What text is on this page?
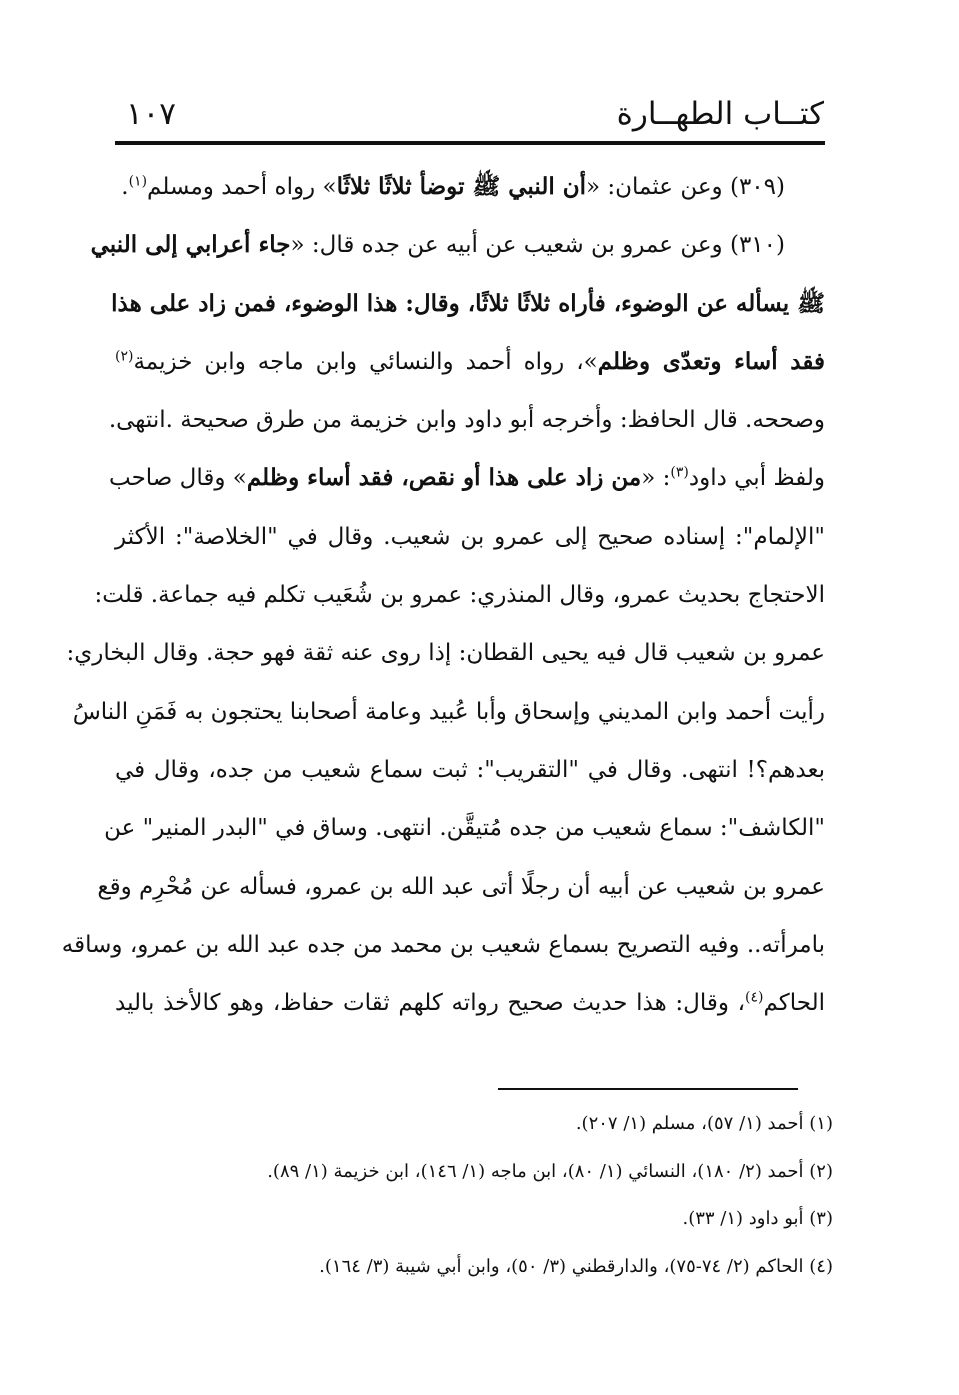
كتــاب الطهــارة
١٠٧
(٣٠٩) وعن عثمان: «أن النبي ﷺ توضأ ثلاثًا ثلاثًا» رواه أحمد ومسلم$^{(١)}$.
(٣١٠) وعن عمرو بن شعيب عن أبيه عن جده قال: «جاء أعرابي إلى النبي
ﷺ يسأله عن الوضوء، فأراه ثلاثًا ثلاثًا، وقال: هذا الوضوء، فمن زاد على هذا
فقد أساء وتعدّى وظلم»، رواه أحمد والنسائي وابن ماجه وابن خزيمة$^{(٢)}$
وصححه. قال الحافظ: وأخرجه أبو داود وابن خزيمة من طرق صحيحة .انتهى.
ولفظ أبي داود$^{(٣)}$: «من زاد على هذا أو نقص، فقد أساء وظلم» وقال صاحب
"الإلمام": إسناده صحيح إلى عمرو بن شعيب. وقال في "الخلاصة": الأكثر
الاحتجاج بحديث عمرو، وقال المنذري: عمرو بن شُعَيب تكلم فيه جماعة. قلت:
عمرو بن شعيب قال فيه يحيى القطان: إذا روى عنه ثقة فهو حجة. وقال البخاري:
رأيت أحمد وابن المديني وإسحاق وأبا عُبيد وعامة أصحابنا يحتجون به فَمَنِ الناسُ
بعدهم؟! انتهى. وقال في "التقريب": ثبت سماع شعيب من جده، وقال في
"الكاشف": سماع شعيب من جده مُتيقَّن. انتهى. وساق في "البدر المنير" عن
عمرو بن شعيب عن أبيه أن رجلًا أتى عبد الله بن عمرو، فسأله عن مُحْرِم وقع
بامرأته.. وفيه التصريح بسماع شعيب بن محمد من جده عبد الله بن عمرو، وساقه
الحاكم$^{(٤)}$، وقال: هذا حديث صحيح رواته كلهم ثقات حفاظ، وهو كالأخذ باليد
(١) أحمد (١/ ٥٧)، مسلم (١/ ٢٠٧).
(٢) أحمد (٢/ ١٨٠)، النسائي (١/ ٨٠)، ابن ماجه (١/ ١٤٦)، ابن خزيمة (١/ ٨٩).
(٣) أبو داود (١/ ٣٣).
(٤) الحاكم (٢/ ٧٤-٧٥)، والدارقطني (٣/ ٥٠)، وابن أبي شيبة (٣/ ١٦٤).
